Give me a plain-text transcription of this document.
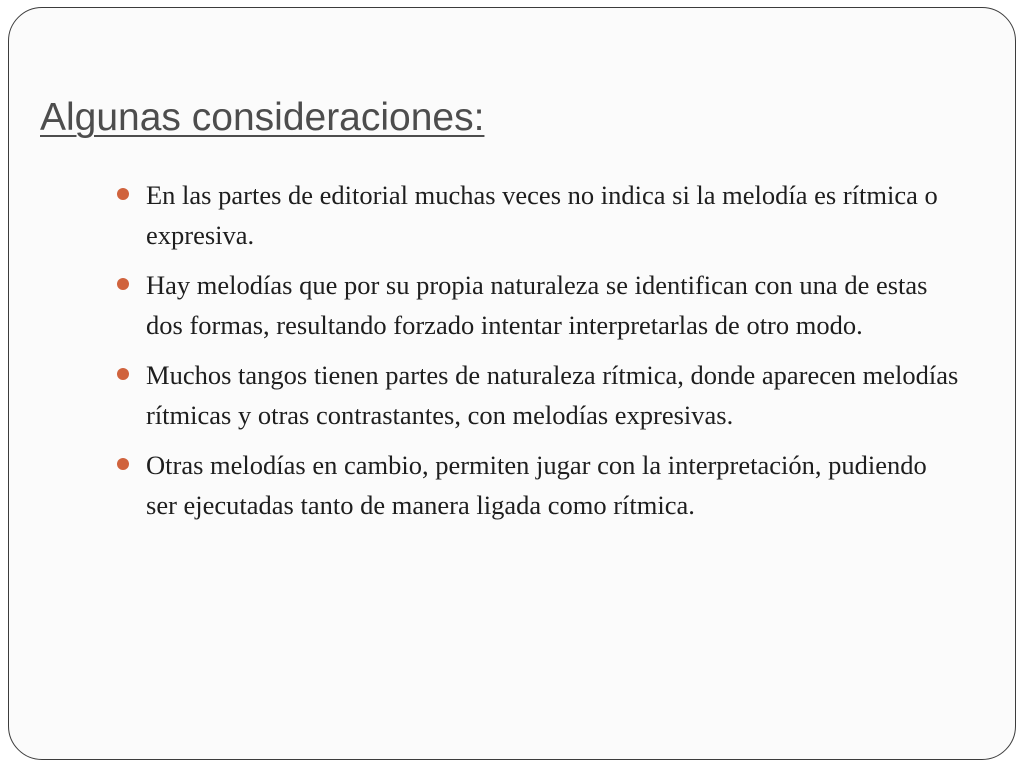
Algunas consideraciones:
En las partes de editorial muchas veces no indica si la melodía es rítmica o expresiva.
Hay melodías que por su propia naturaleza se identifican con una de estas dos formas, resultando forzado intentar interpretarlas de otro modo.
Muchos tangos tienen partes de naturaleza rítmica, donde aparecen melodías rítmicas y otras contrastantes, con melodías expresivas.
Otras melodías en cambio, permiten jugar con la interpretación, pudiendo ser ejecutadas tanto de manera ligada como rítmica.
